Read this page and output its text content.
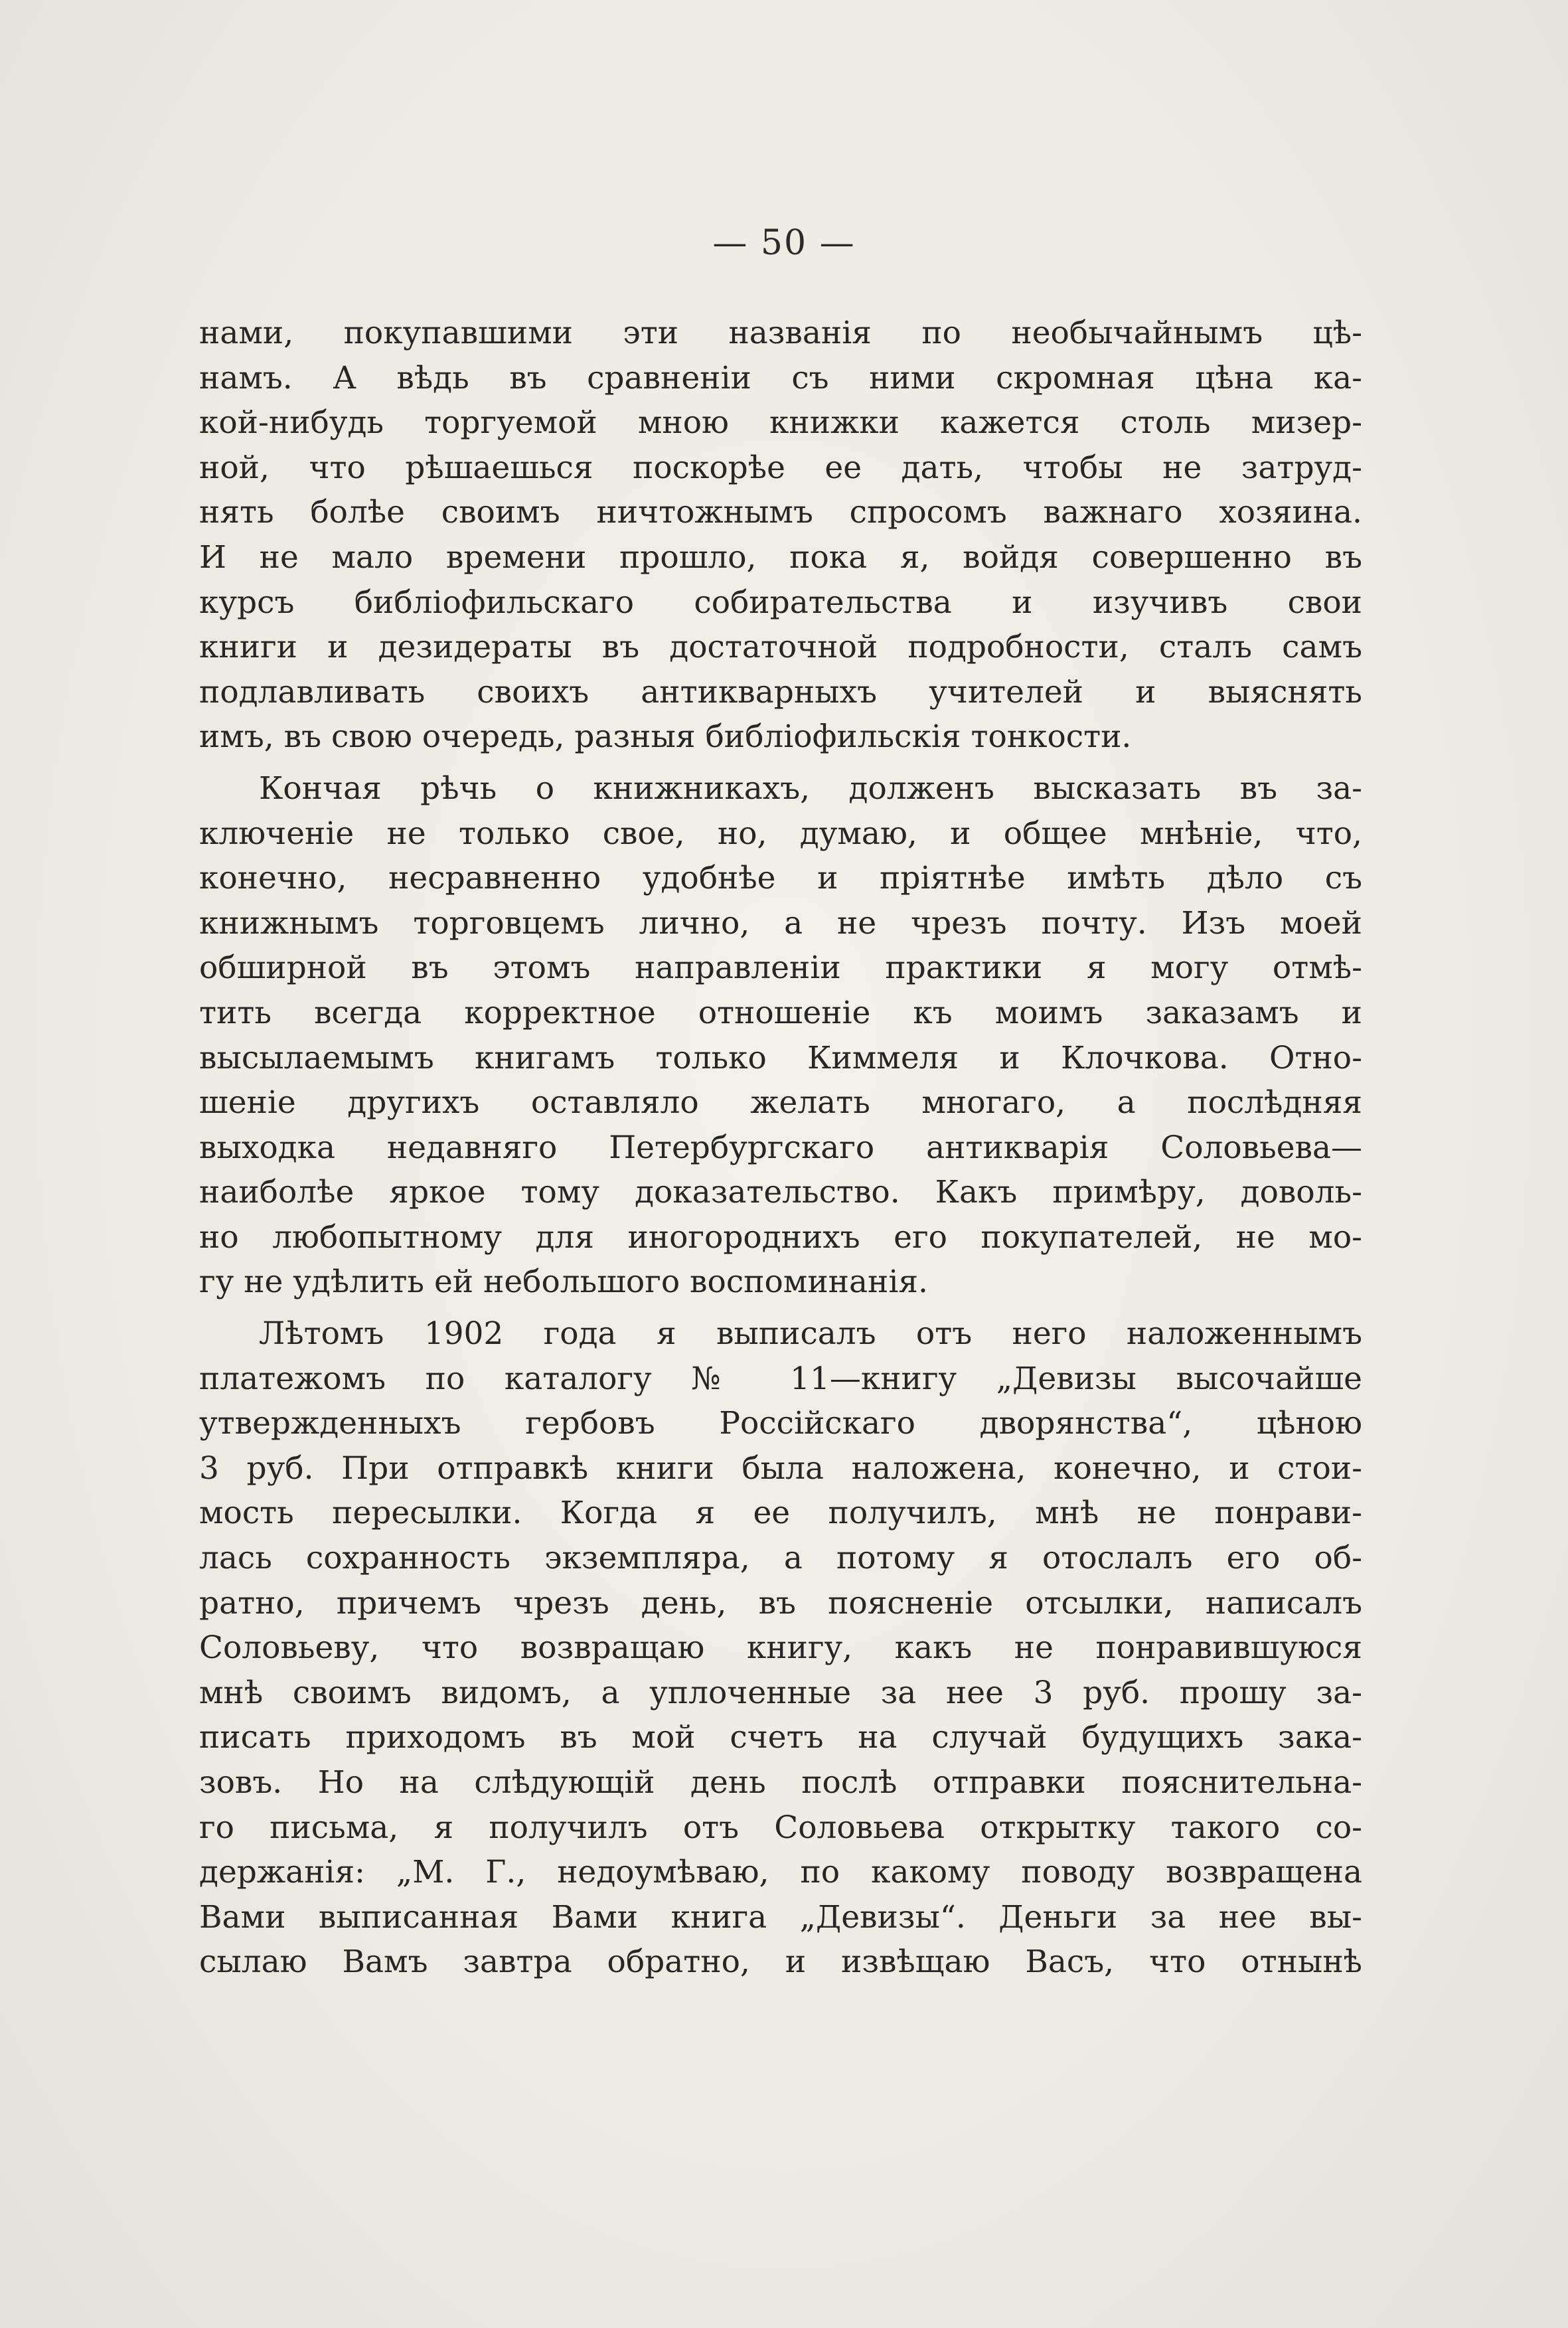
— 50 —
нами, покупавшими эти названія по необычайнымъ цѣ-
намъ. А вѣдь въ сравненіи съ ними скромная цѣна ка-
кой-нибудь торгуемой мною книжки кажется столь мизер-
ной, что рѣшаешься поскорѣе ее дать, чтобы не затруд-
нять болѣе своимъ ничтожнымъ спросомъ важнаго хозяина.
И не мало времени прошло, пока я, войдя совершенно въ
курсъ библіофильскаго собирательства и изучивъ свои
книги и дезидераты въ достаточной подробности, сталъ самъ
подлавливать своихъ антикварныхъ учителей и выяснять
имъ, въ свою очередь, разныя библіофильскія тонкости.
Кончая рѣчь о книжникахъ, долженъ высказать въ за-
ключеніе не только свое, но, думаю, и общее мнѣніе, что,
конечно, несравненно удобнѣе и пріятнѣе имѣть дѣло съ
книжнымъ торговцемъ лично, а не чрезъ почту. Изъ моей
обширной въ этомъ направленіи практики я могу отмѣ-
тить всегда корректное отношеніе къ моимъ заказамъ и
высылаемымъ книгамъ только Киммеля и Клочкова. Отно-
шеніе другихъ оставляло желать многаго, а послѣдняя
выходка недавняго Петербургскаго антикварія Соловьева—
наиболѣе яркое тому доказательство. Какъ примѣру, доволь-
но любопытному для иногороднихъ его покупателей, не мо-
гу не удѣлить ей небольшого воспоминанія.
Лѣтомъ 1902 года я выписалъ отъ него наложеннымъ
платежомъ по каталогу № 11—книгу „Девизы высочайше
утвержденныхъ гербовъ Россійскаго дворянства“, цѣною
3 руб. При отправкѣ книги была наложена, конечно, и стои-
мость пересылки. Когда я ее получилъ, мнѣ не понрави-
лась сохранность экземпляра, а потому я отослалъ его об-
ратно, причемъ чрезъ день, въ поясненіе отсылки, написалъ
Соловьеву, что возвращаю книгу, какъ не понравившуюся
мнѣ своимъ видомъ, а уплоченные за нее 3 руб. прошу за-
писать приходомъ въ мой счетъ на случай будущихъ зака-
зовъ. Но на слѣдующій день послѣ отправки пояснительна-
го письма, я получилъ отъ Соловьева открытку такого со-
держанія: „М. Г., недоумѣваю, по какому поводу возвращена
Вами выписанная Вами книга „Девизы“. Деньги за нее вы-
сылаю Вамъ завтра обратно, и извѣщаю Васъ, что отнынѣ
